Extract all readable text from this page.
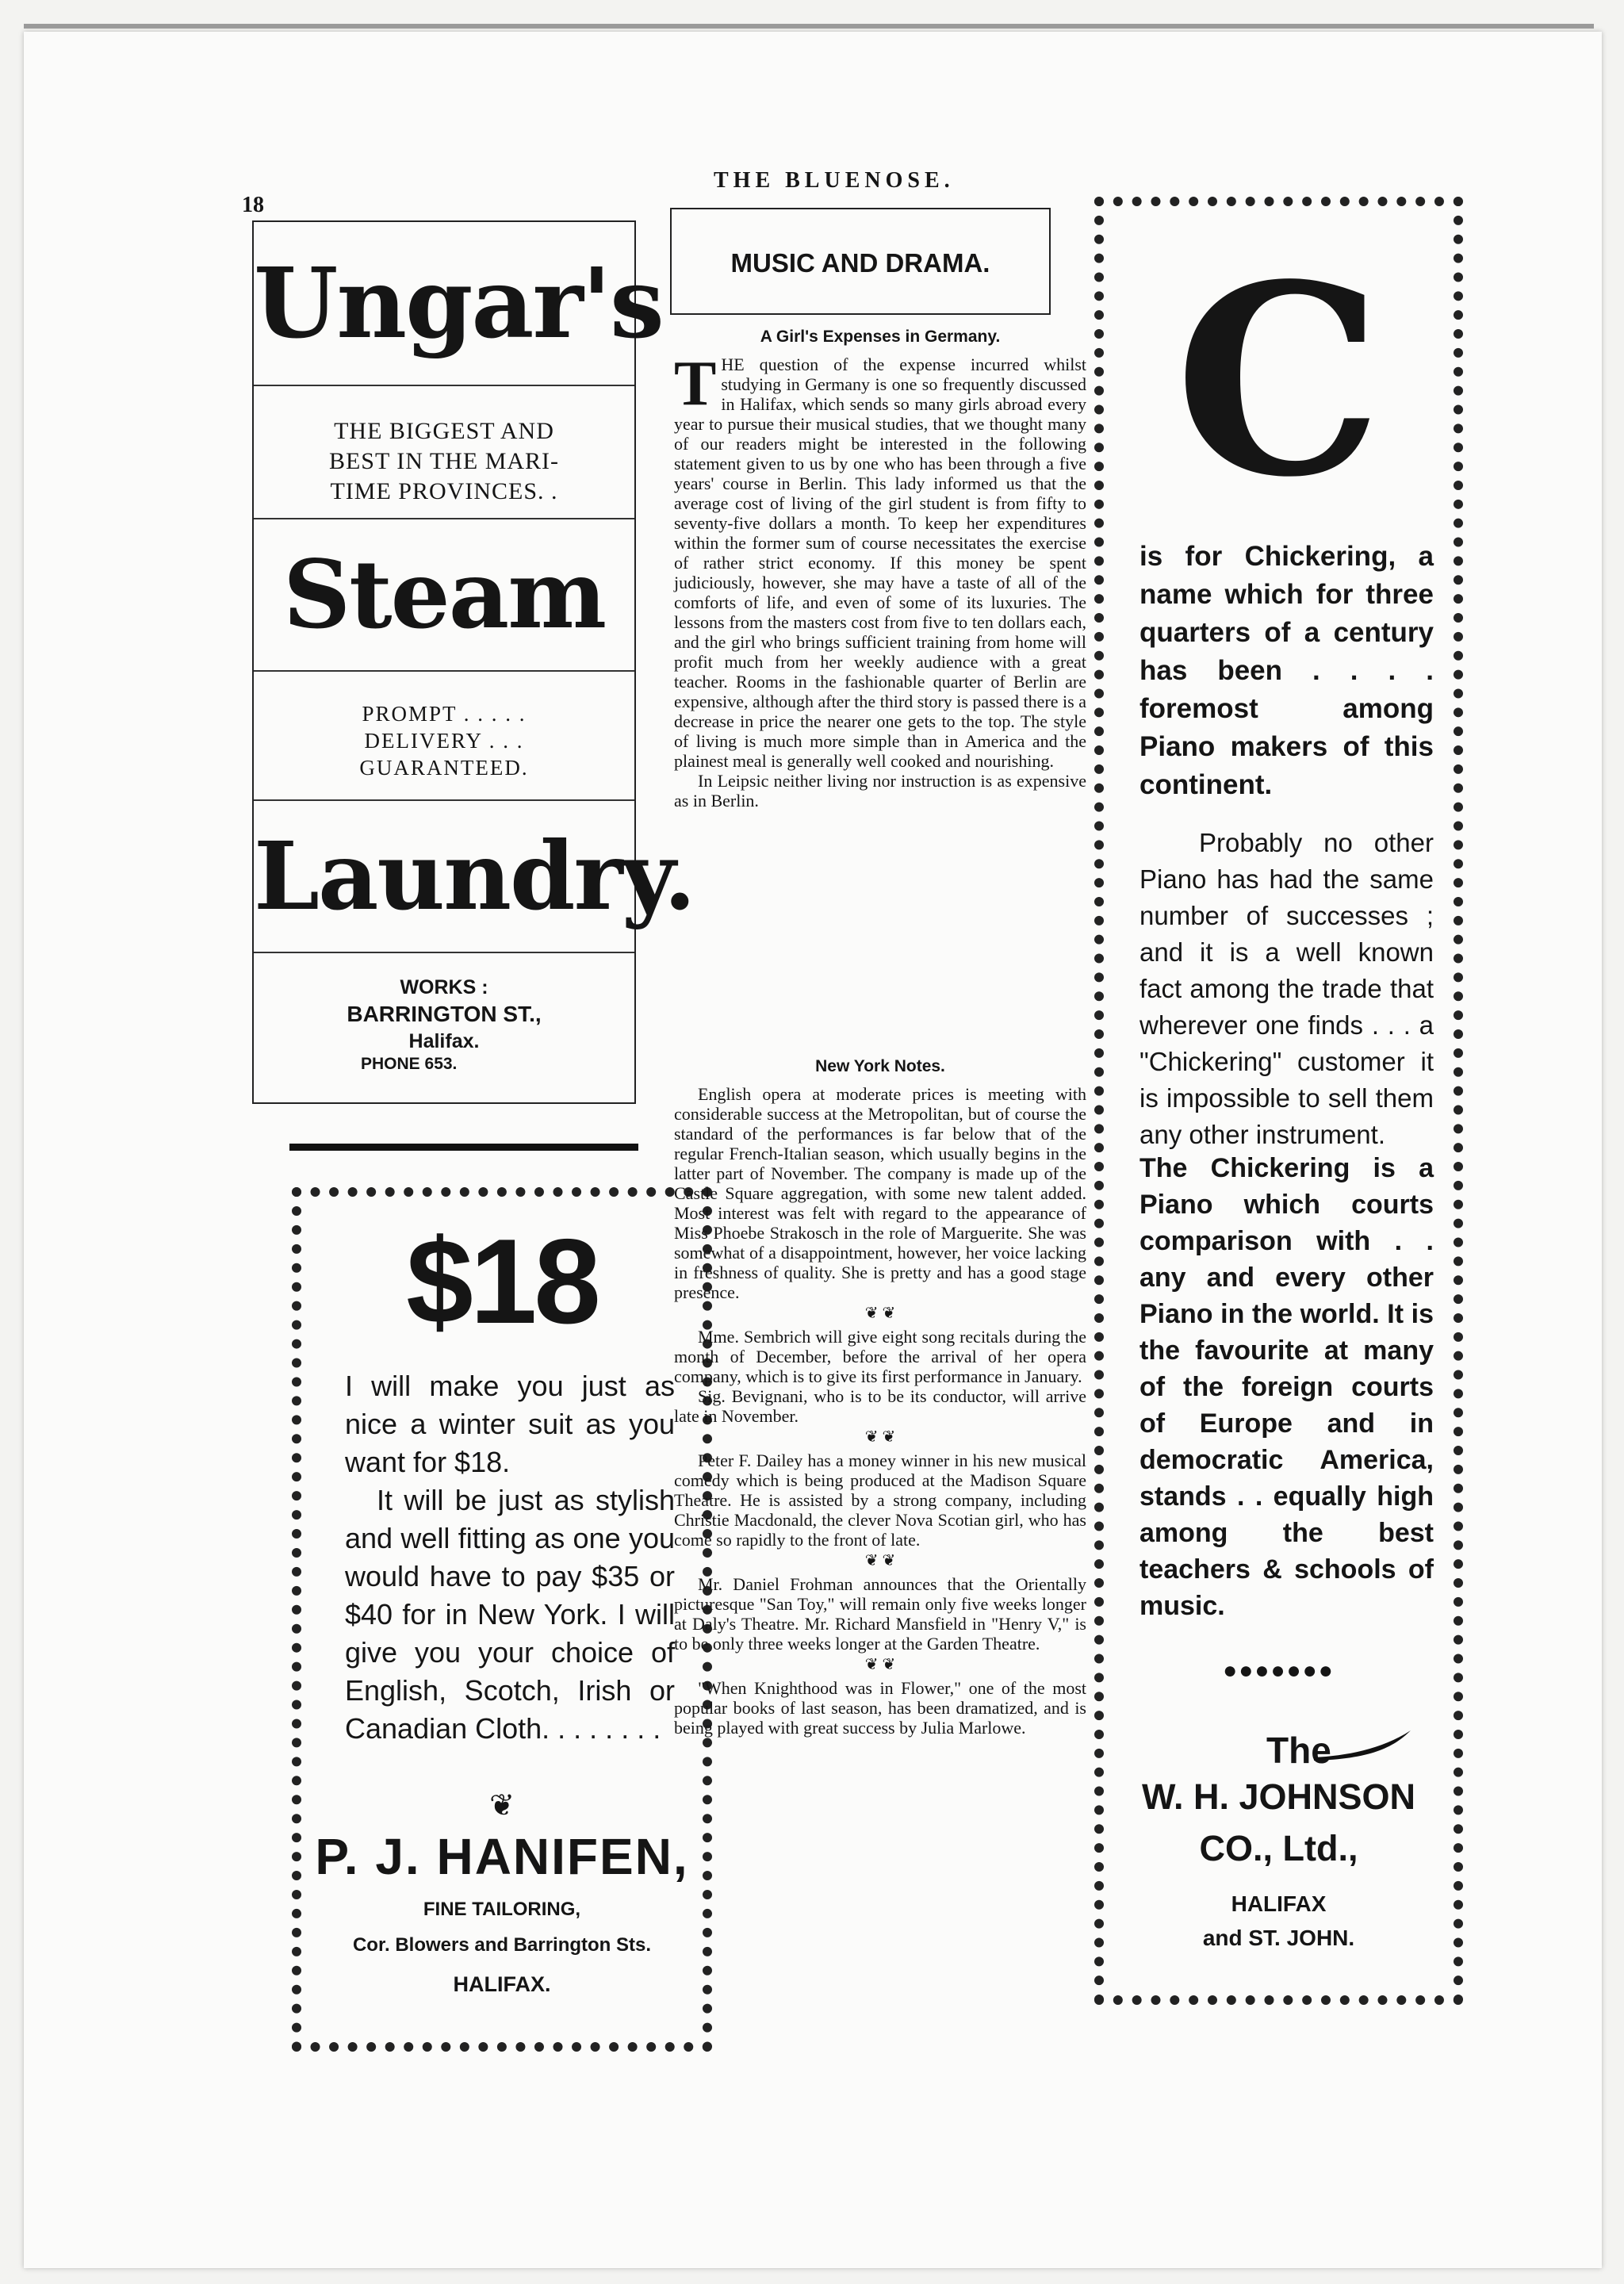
18
THE BLUENOSE.
Ungar's
THE BIGGEST AND
BEST IN THE MARI-
TIME PROVINCES. .
Steam
PROMPT . . . . .
DELIVERY . . .
GUARANTEED.
Laundry.
WORKS :
BARRINGTON ST.,
Halifax.
PHONE 653.
$18

I will make you just as nice a winter suit as you want for $18.

It will be just as stylish and well fitting as one you would have to pay $35 or $40 for in New York. I will give you your choice of English, Scotch, Irish or Canadian Cloth. . . . . . . .

❦
P. J. HANIFEN,
FINE TAILORING,
Cor. Blowers and Barrington Sts.
HALIFAX.
MUSIC AND DRAMA.
A Girl's Expenses in Germany.

THE question of the expense incurred whilst studying in Germany is one so frequently discussed in Halifax, which sends so many girls abroad every year to pursue their musical studies, that we thought many of our readers might be interested in the following statement given to us by one who has been through a five years' course in Berlin. This lady informed us that the average cost of living of the girl student is from fifty to seventy-five dollars a month. To keep her expenditures within the former sum of course necessitates the exercise of rather strict economy. If this money be spent judiciously, however, she may have a taste of all of the comforts of life, and even of some of its luxuries. The lessons from the masters cost from five to ten dollars each, and the girl who brings sufficient training from home will profit much from her weekly audience with a great teacher. Rooms in the fashionable quarter of Berlin are expensive, although after the third story is passed there is a decrease in price the nearer one gets to the top. The style of living is much more simple than in America and the plainest meal is generally well cooked and nourishing.

In Leipsic neither living nor instruction is as expensive as in Berlin.

New York Notes.

English opera at moderate prices is meeting with considerable success at the Metropolitan, but of course the standard of the performances is far below that of the regular French-Italian season, which usually begins in the latter part of November. The company is made up of the Castle Square aggregation, with some new talent added. Most interest was felt with regard to the appearance of Miss Phoebe Strakosch in the role of Marguerite. She was somewhat of a disappointment, however, her voice lacking in freshness of quality. She is pretty and has a good stage presence.

❦ ❦

Mme. Sembrich will give eight song recitals during the month of December, before the arrival of her opera company, which is to give its first performance in January.

Sig. Bevignani, who is to be its conductor, will arrive late in November.

❦ ❦

Peter F. Dailey has a money winner in his new musical comedy which is being produced at the Madison Square Theatre. He is assisted by a strong company, including Christie Macdonald, the clever Nova Scotian girl, who has come so rapidly to the front of late.

❦ ❦

Mr. Daniel Frohman announces that the Orientally picturesque "San Toy," will remain only five weeks longer at Daly's Theatre. Mr. Richard Mansfield in "Henry V," is to be only three weeks longer at the Garden Theatre.

❦ ❦

"When Knighthood was in Flower," one of the most popular books of last season, has been dramatized, and is being played with great success by Julia Marlowe.

C
is for Chickering, a name which for three quarters of a century has been . . . . foremost among Piano makers of this continent.
Probably no other Piano has had the same number of successes ; and it is a well known fact among the trade that wherever one finds . . . a "Chickering" customer it is impossible to sell them any other instrument.
The Chickering is a Piano which courts comparison with . . any and every other Piano in the world. It is the favourite at many of the foreign courts of Europe and in democratic America, stands . . equally high among the best teachers & schools of music.
●●●●●●●
The
W. H. JOHNSON
CO., Ltd.,
HALIFAX
and ST. JOHN.
